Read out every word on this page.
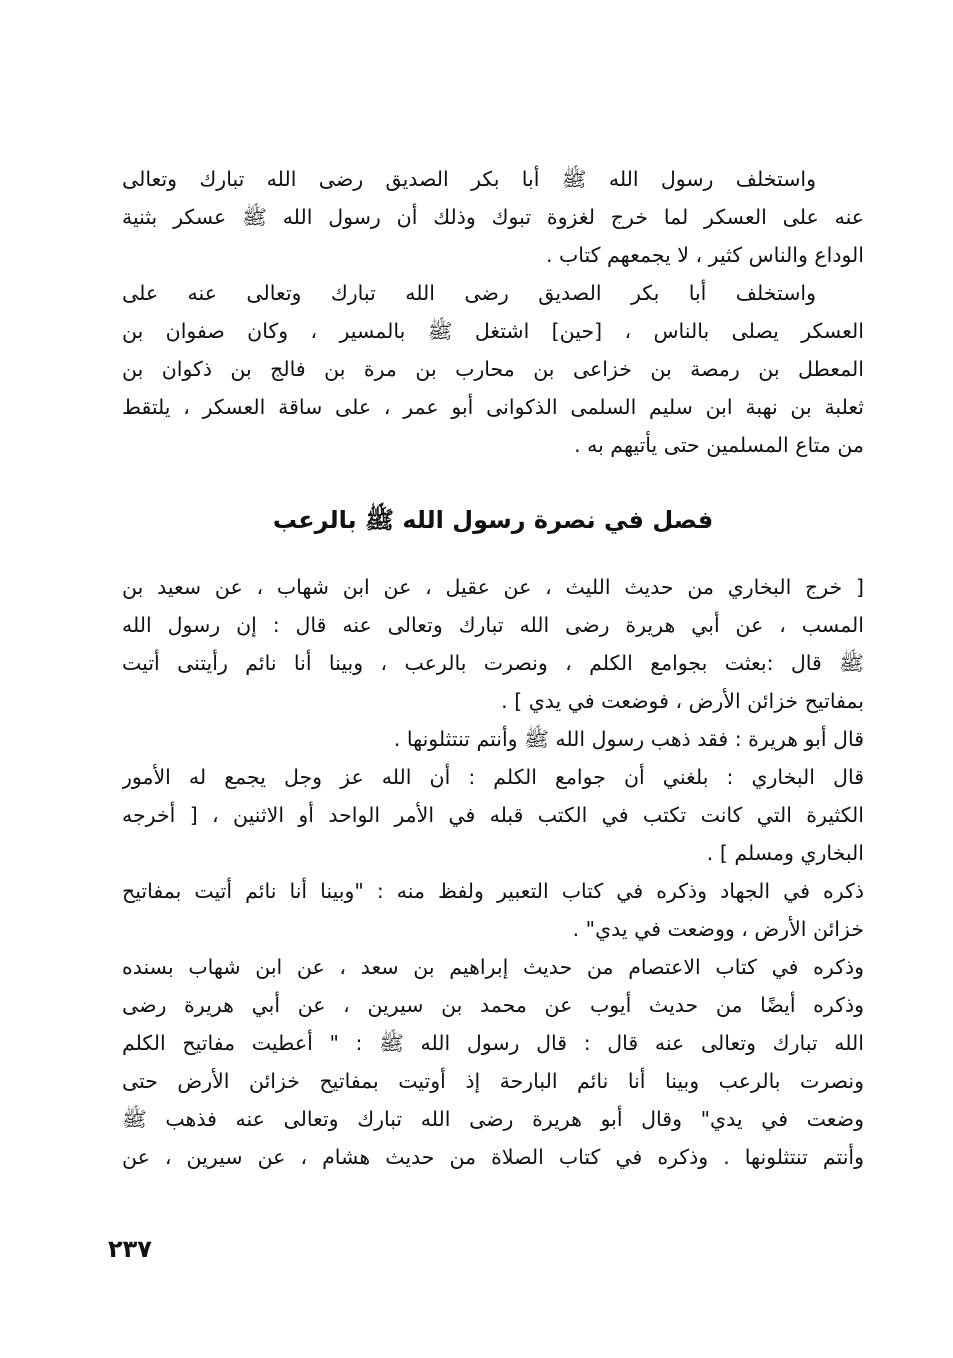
واستخلف رسول الله ﷺ أبا بكر الصديق رضى الله تبارك وتعالى
عنه على العسكر لما خرج لغزوة تبوك وذلك أن رسول الله ﷺ عسكر بثنية
الوداع والناس كثير ، لا يجمعهم كتاب .
واستخلف أبا بكر الصديق رضى الله تبارك وتعالى عنه على
العسكر يصلى بالناس ، [حين] اشتغل ﷺ بالمسير ، وكان صفوان بن
المعطل بن رمصة بن خزاعى بن محارب بن مرة بن فالج بن ذكوان بن
ثعلبة بن نهبة ابن سليم السلمى الذكوانى أبو عمر ، على ساقة العسكر ، يلتقط
من متاع المسلمين حتى يأتيهم به .
فصل في نصرة رسول الله ﷺ بالرعب
[ خرج البخاري من حديث الليث ، عن عقيل ، عن ابن شهاب ، عن سعيد بن
المسب ، عن أبي هريرة رضى الله تبارك وتعالى عنه قال : إن رسول الله
ﷺ قال :بعثت بجوامع الكلم ، ونصرت بالرعب ، وبينا أنا نائم رأيتنى أتيت
بمفاتيح خزائن الأرض ، فوضعت في يدي ] .
قال أبو هريرة : فقد ذهب رسول الله ﷺ وأنتم تنتثلونها .
قال البخاري : بلغني أن جوامع الكلم : أن الله عز وجل يجمع له الأمور
الكثيرة التي كانت تكتب في الكتب قبله في الأمر الواحد أو الاثنين ، [ أخرجه
البخاري ومسلم ] .
ذكره في الجهاد وذكره في كتاب التعبير ولفظ منه : "وبينا أنا نائم أتيت بمفاتيح
خزائن الأرض ، ووضعت في يدي" .
وذكره في كتاب الاعتصام من حديث إبراهيم بن سعد ، عن ابن شهاب بسنده
وذكره أيضًا من حديث أيوب عن محمد بن سيرين ، عن أبي هريرة رضى
الله تبارك وتعالى عنه قال : قال رسول الله ﷺ : " أعطيت مفاتيح الكلم
ونصرت بالرعب وبينا أنا نائم البارحة إذ أوتيت بمفاتيح خزائن الأرض حتى
وضعت في يدي" وقال أبو هريرة رضى الله تبارك وتعالى عنه فذهب ﷺ
وأنتم تنتثلونها . وذكره في كتاب الصلاة من حديث هشام ، عن سيرين ، عن
٢٣٧
